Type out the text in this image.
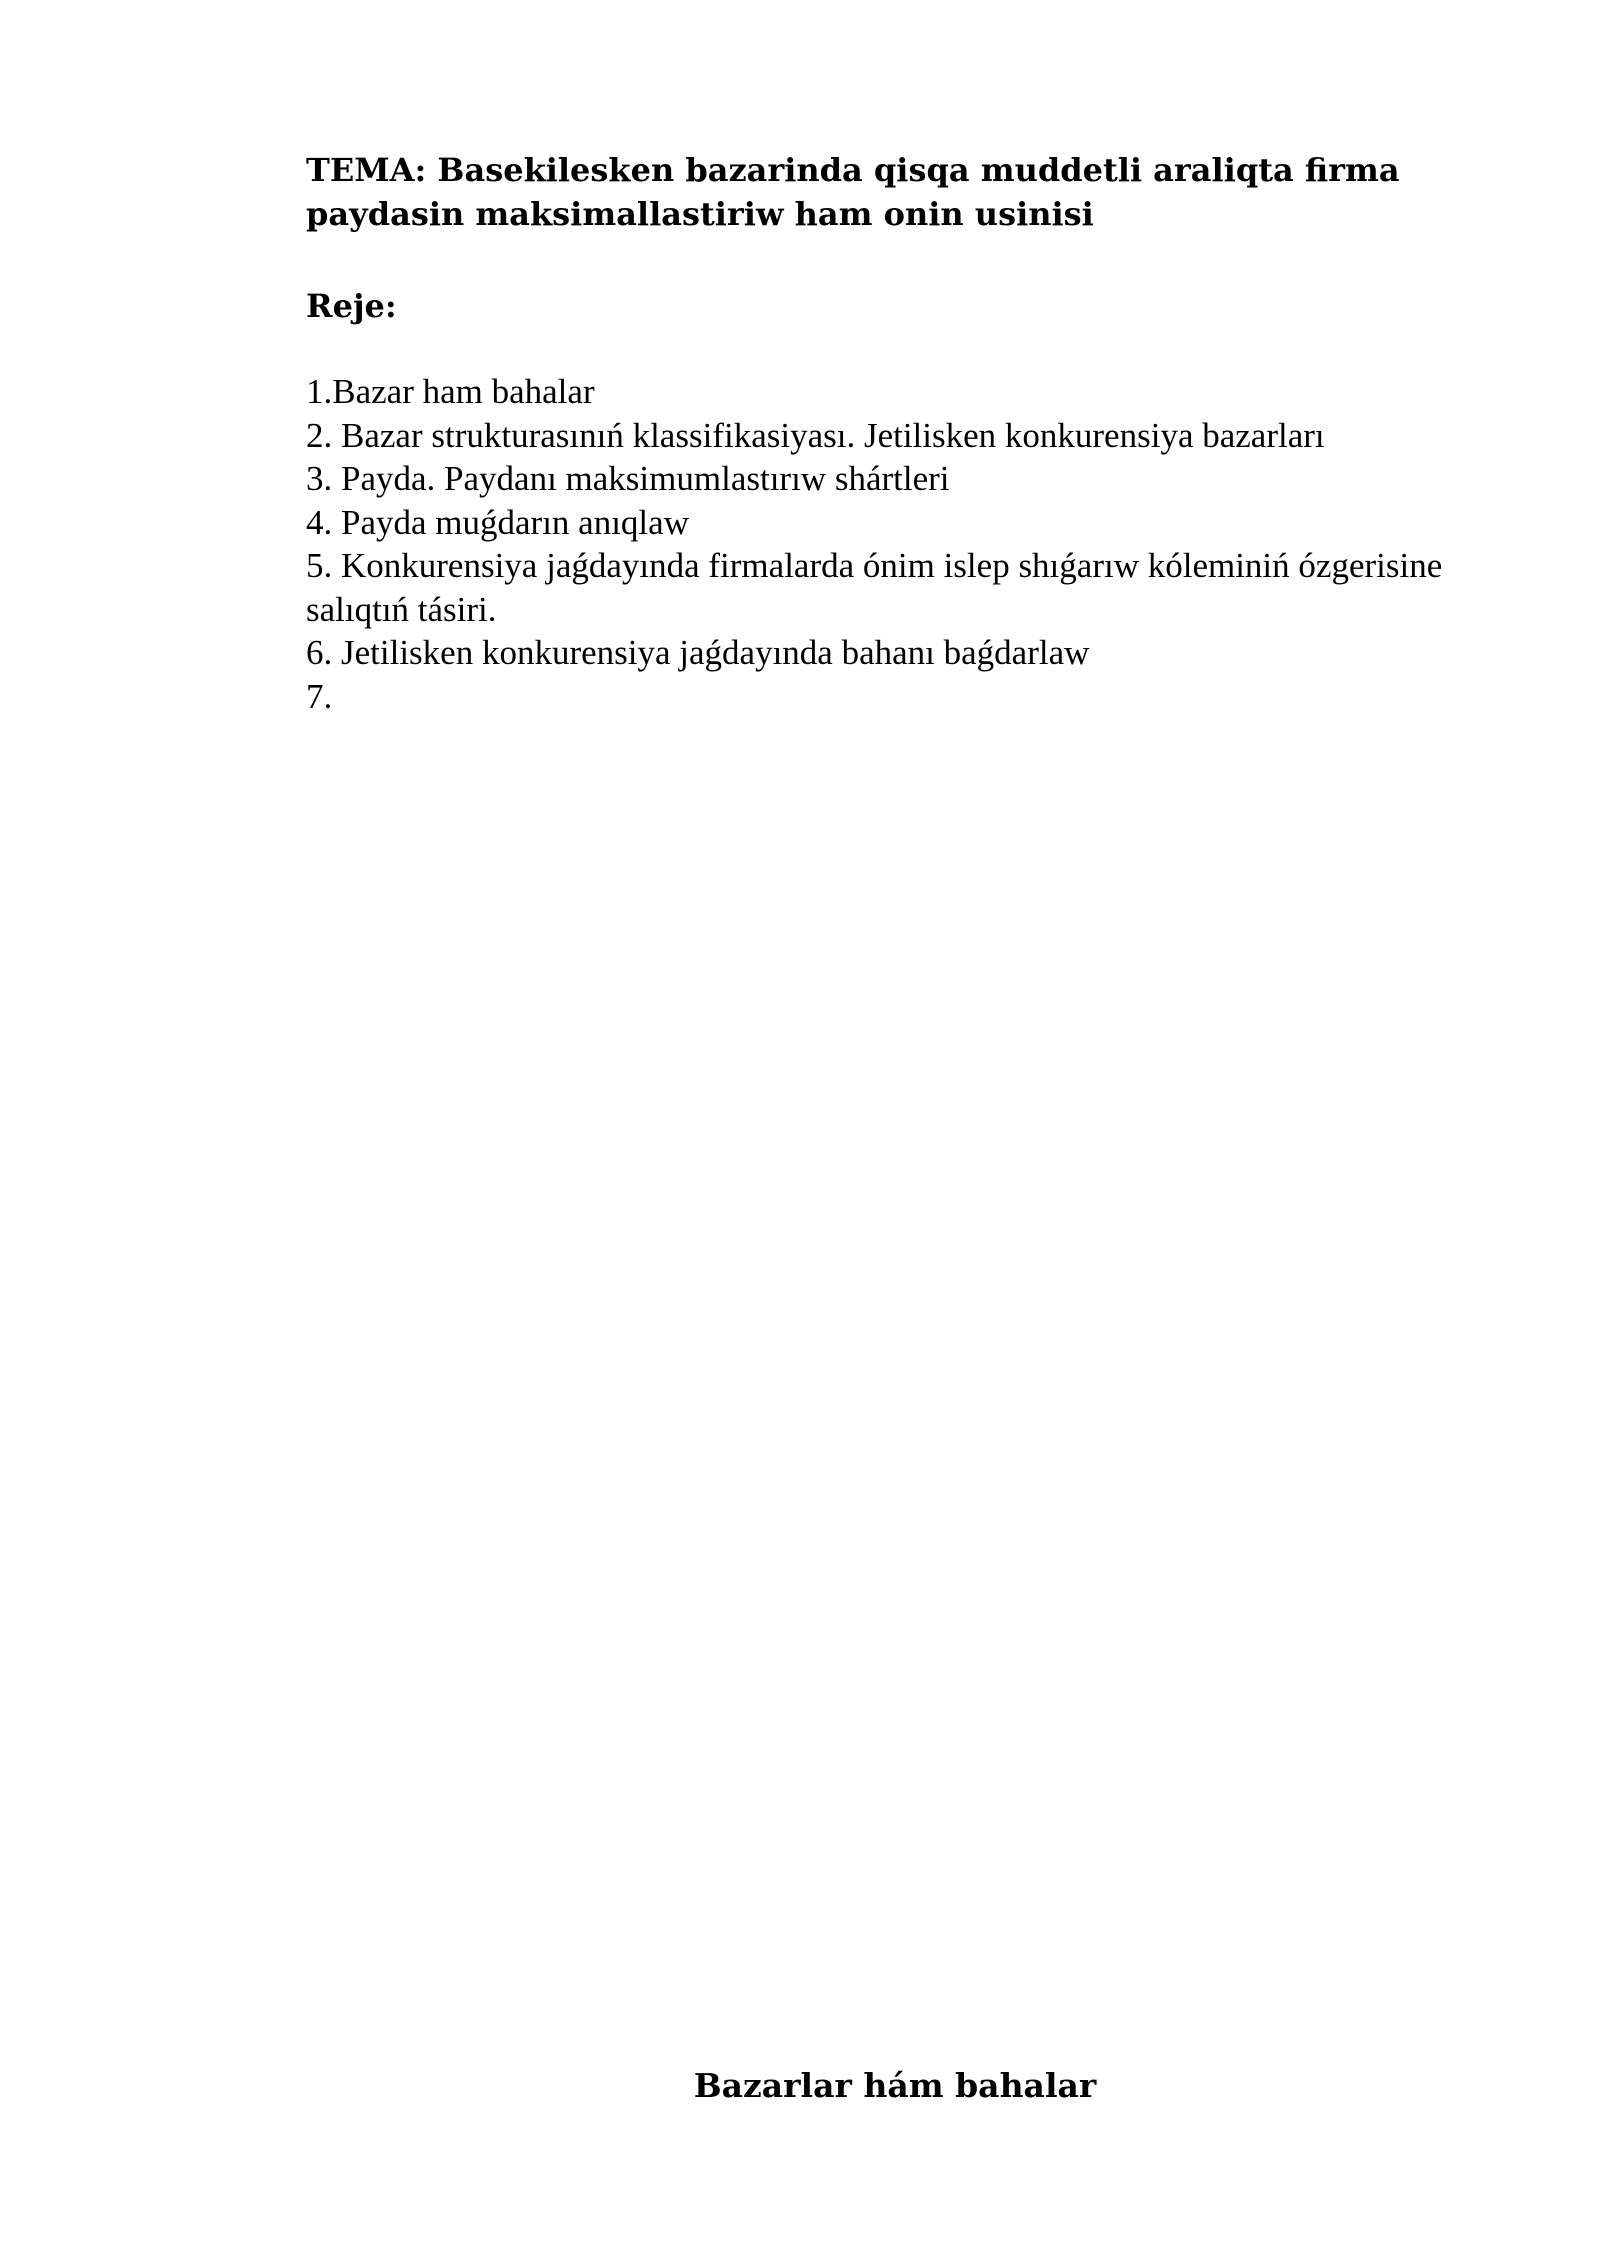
TEMA: Basekilesken bazarinda qisqa muddetli araliqta firma paydasin maksimallastiriw ham onin usinisi
Reje:
1.Bazar ham bahalar
2. Bazar strukturasınıń klassifikasiyası. Jetilisken konkurensiya bazarları
3. Payda. Paydanı maksimumlastırıw shártleri
4. Payda muǵdarın anıqlaw
5. Konkurensiya jaǵdayında firmalarda ónim islep shıǵarıw kóleminiń ózgerisine salıqtıń tásiri.
6. Jetilisken konkurensiya jaǵdayında bahanı baǵdarlaw
7.
Bazarlar hám bahalar
